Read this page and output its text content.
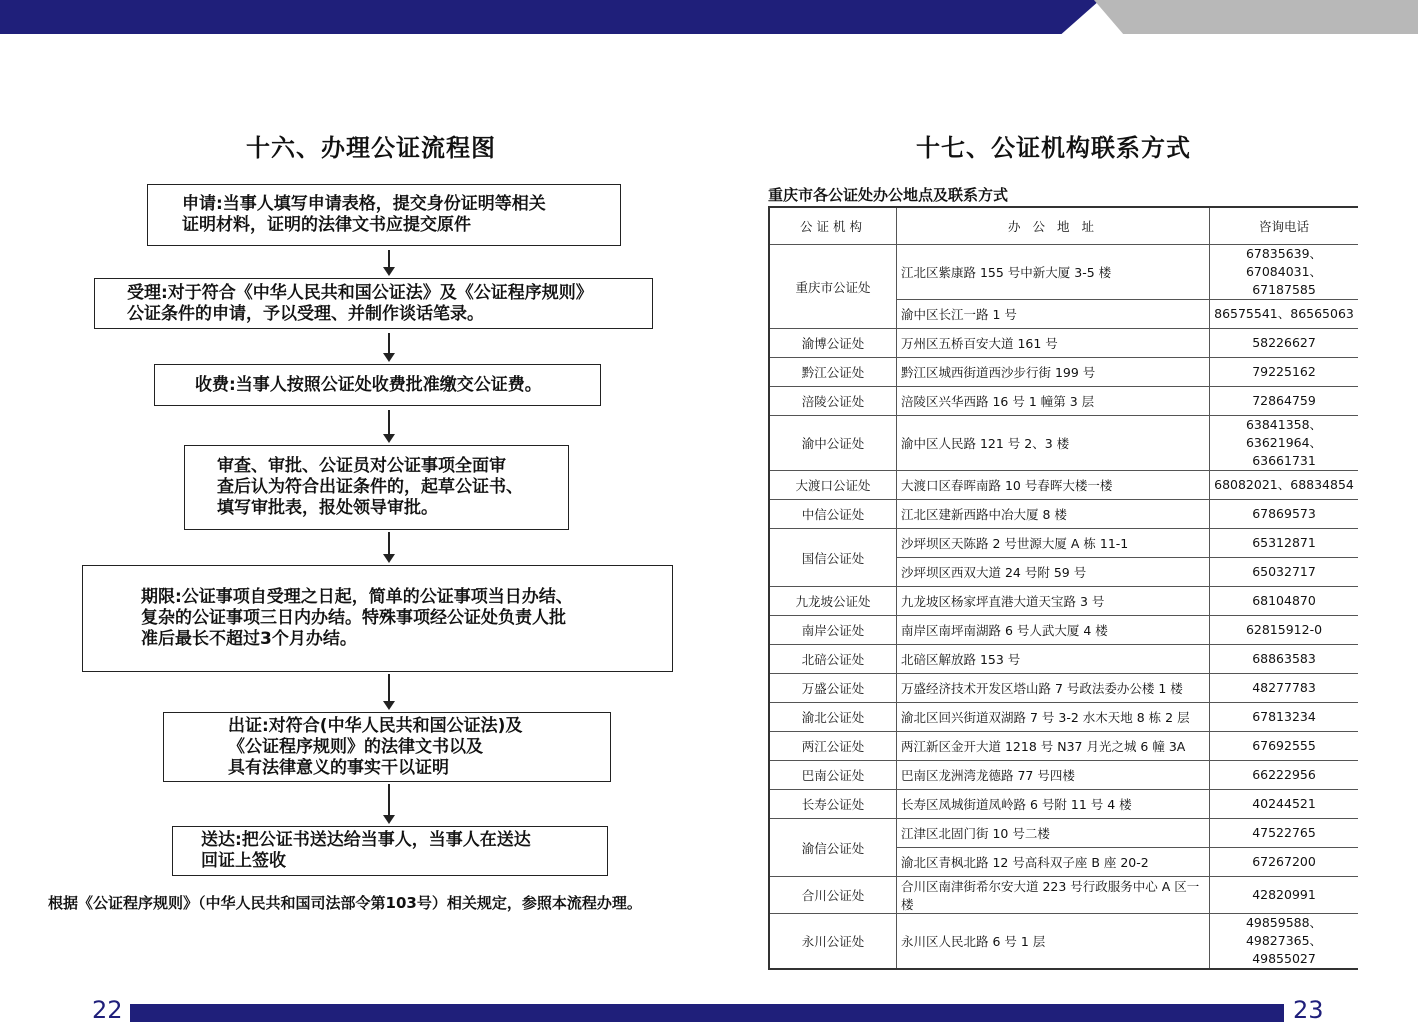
十六、办理公证流程图
申请:当事人填写申请表格，提交身份证明等相关
证明材料，证明的法律文书应提交原件
受理:对于符合《中华人民共和国公证法》及《公证程序规则》
公证条件的申请，予以受理、并制作谈话笔录。
收费:当事人按照公证处收费批准缴交公证费。
审查、审批、公证员对公证事项全面审
查后认为符合出证条件的，起草公证书、
填写审批表，报处领导审批。
期限:公证事项自受理之日起，简单的公证事项当日办结、
复杂的公证事项三日内办结。特殊事项经公证处负责人批
准后最长不超过3个月办结。
出证:对符合(中华人民共和国公证法)及
《公证程序规则》的法律文书以及
具有法律意义的事实干以证明
送达:把公证书送达给当事人，当事人在送达
回证上签收
根据《公证程序规则》（中华人民共和国司法部令第103号）相关规定，参照本流程办理。
十七、公证机构联系方式
重庆市各公证处办公地点及联系方式
公证机构	办 公 地 址	咨询电话
重庆市公证处	江北区紫康路 155 号中新大厦 3-5 楼	67835639、67084031、
67187585

	渝中区长江一路 1 号	86575541、86565063
渝博公证处	万州区五桥百安大道 161 号	58226627
黔江公证处	黔江区城西街道西沙步行街 199 号	79225162
涪陵公证处	涪陵区兴华西路 16 号 1 幢第 3 层	72864759
渝中公证处	渝中区人民路 121 号 2、3 楼	63841358、63621964、
63661731

大渡口公证处	大渡口区春晖南路 10 号春晖大楼一楼	68082021、68834854
中信公证处	江北区建新西路中冶大厦 8 楼	67869573
国信公证处	沙坪坝区天陈路 2 号世源大厦 A 栋 11-1	65312871
	沙坪坝区西双大道 24 号附 59 号	65032717
九龙坡公证处	九龙坡区杨家坪直港大道天宝路 3 号	68104870
南岸公证处	南岸区南坪南湖路 6 号人武大厦 4 楼	62815912-0
北碚公证处	北碚区解放路 153 号	68863583
万盛公证处	万盛经济技术开发区塔山路 7 号政法委办公楼 1 楼	48277783
渝北公证处	渝北区回兴街道双湖路 7 号 3-2 水木天地 8 栋 2 层	67813234
两江公证处	两江新区金开大道 1218 号 N37 月光之城 6 幢 3A	67692555
巴南公证处	巴南区龙洲湾龙德路 77 号四楼	66222956
长寿公证处	长寿区凤城街道凤岭路 6 号附 11 号 4 楼	40244521
渝信公证处	江津区北固门街 10 号二楼	47522765
	渝北区青枫北路 12 号高科双子座 B 座 20-2	67267200
合川公证处	合川区南津街希尔安大道 223 号行政服务中心 A 区一楼	42820991
永川公证处	永川区人民北路 6 号 1 层	49859588、49827365、
49855027
22	23
